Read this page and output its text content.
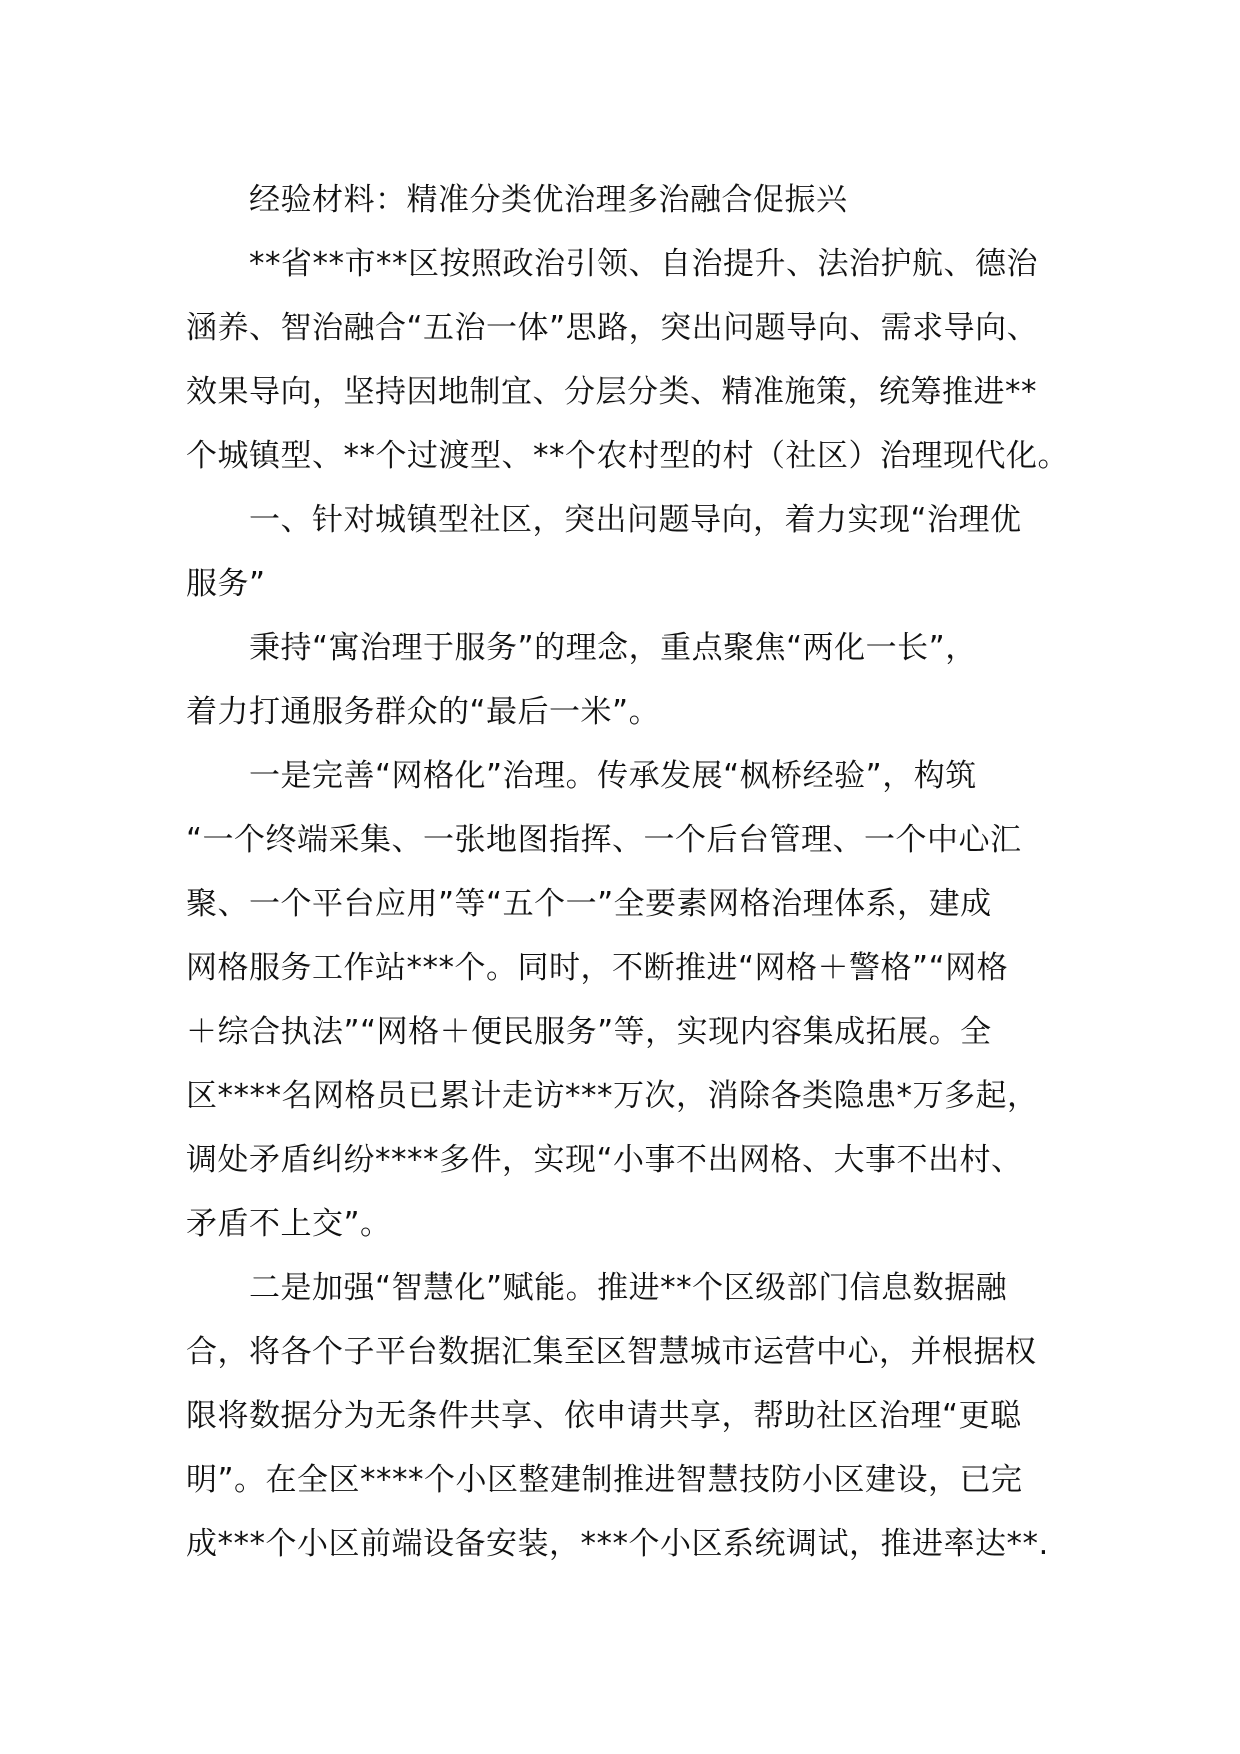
经验材料：精准分类优治理多治融合促振兴
**省**市**区按照政治引领、自治提升、法治护航、德治
涵养、智治融合“五治一体”思路，突出问题导向、需求导向、
效果导向，坚持因地制宜、分层分类、精准施策，统筹推进**
个城镇型、**个过渡型、**个农村型的村（社区）治理现代化。
一、针对城镇型社区，突出问题导向，着力实现“治理优
服务”
秉持“寓治理于服务”的理念，重点聚焦“两化一长”，
着力打通服务群众的“最后一米”。
一是完善“网格化”治理。传承发展“枫桥经验”，构筑
“一个终端采集、一张地图指挥、一个后台管理、一个中心汇
聚、一个平台应用”等“五个一”全要素网格治理体系，建成
网格服务工作站***个。同时，不断推进“网格＋警格”“网格
＋综合执法”“网格＋便民服务”等，实现内容集成拓展。全
区****名网格员已累计走访***万次，消除各类隐患*万多起，
调处矛盾纠纷****多件，实现“小事不出网格、大事不出村、
矛盾不上交”。
二是加强“智慧化”赋能。推进**个区级部门信息数据融
合，将各个子平台数据汇集至区智慧城市运营中心，并根据权
限将数据分为无条件共享、依申请共享，帮助社区治理“更聪
明”。在全区****个小区整建制推进智慧技防小区建设，已完
成***个小区前端设备安装，***个小区系统调试，推进率达**.
